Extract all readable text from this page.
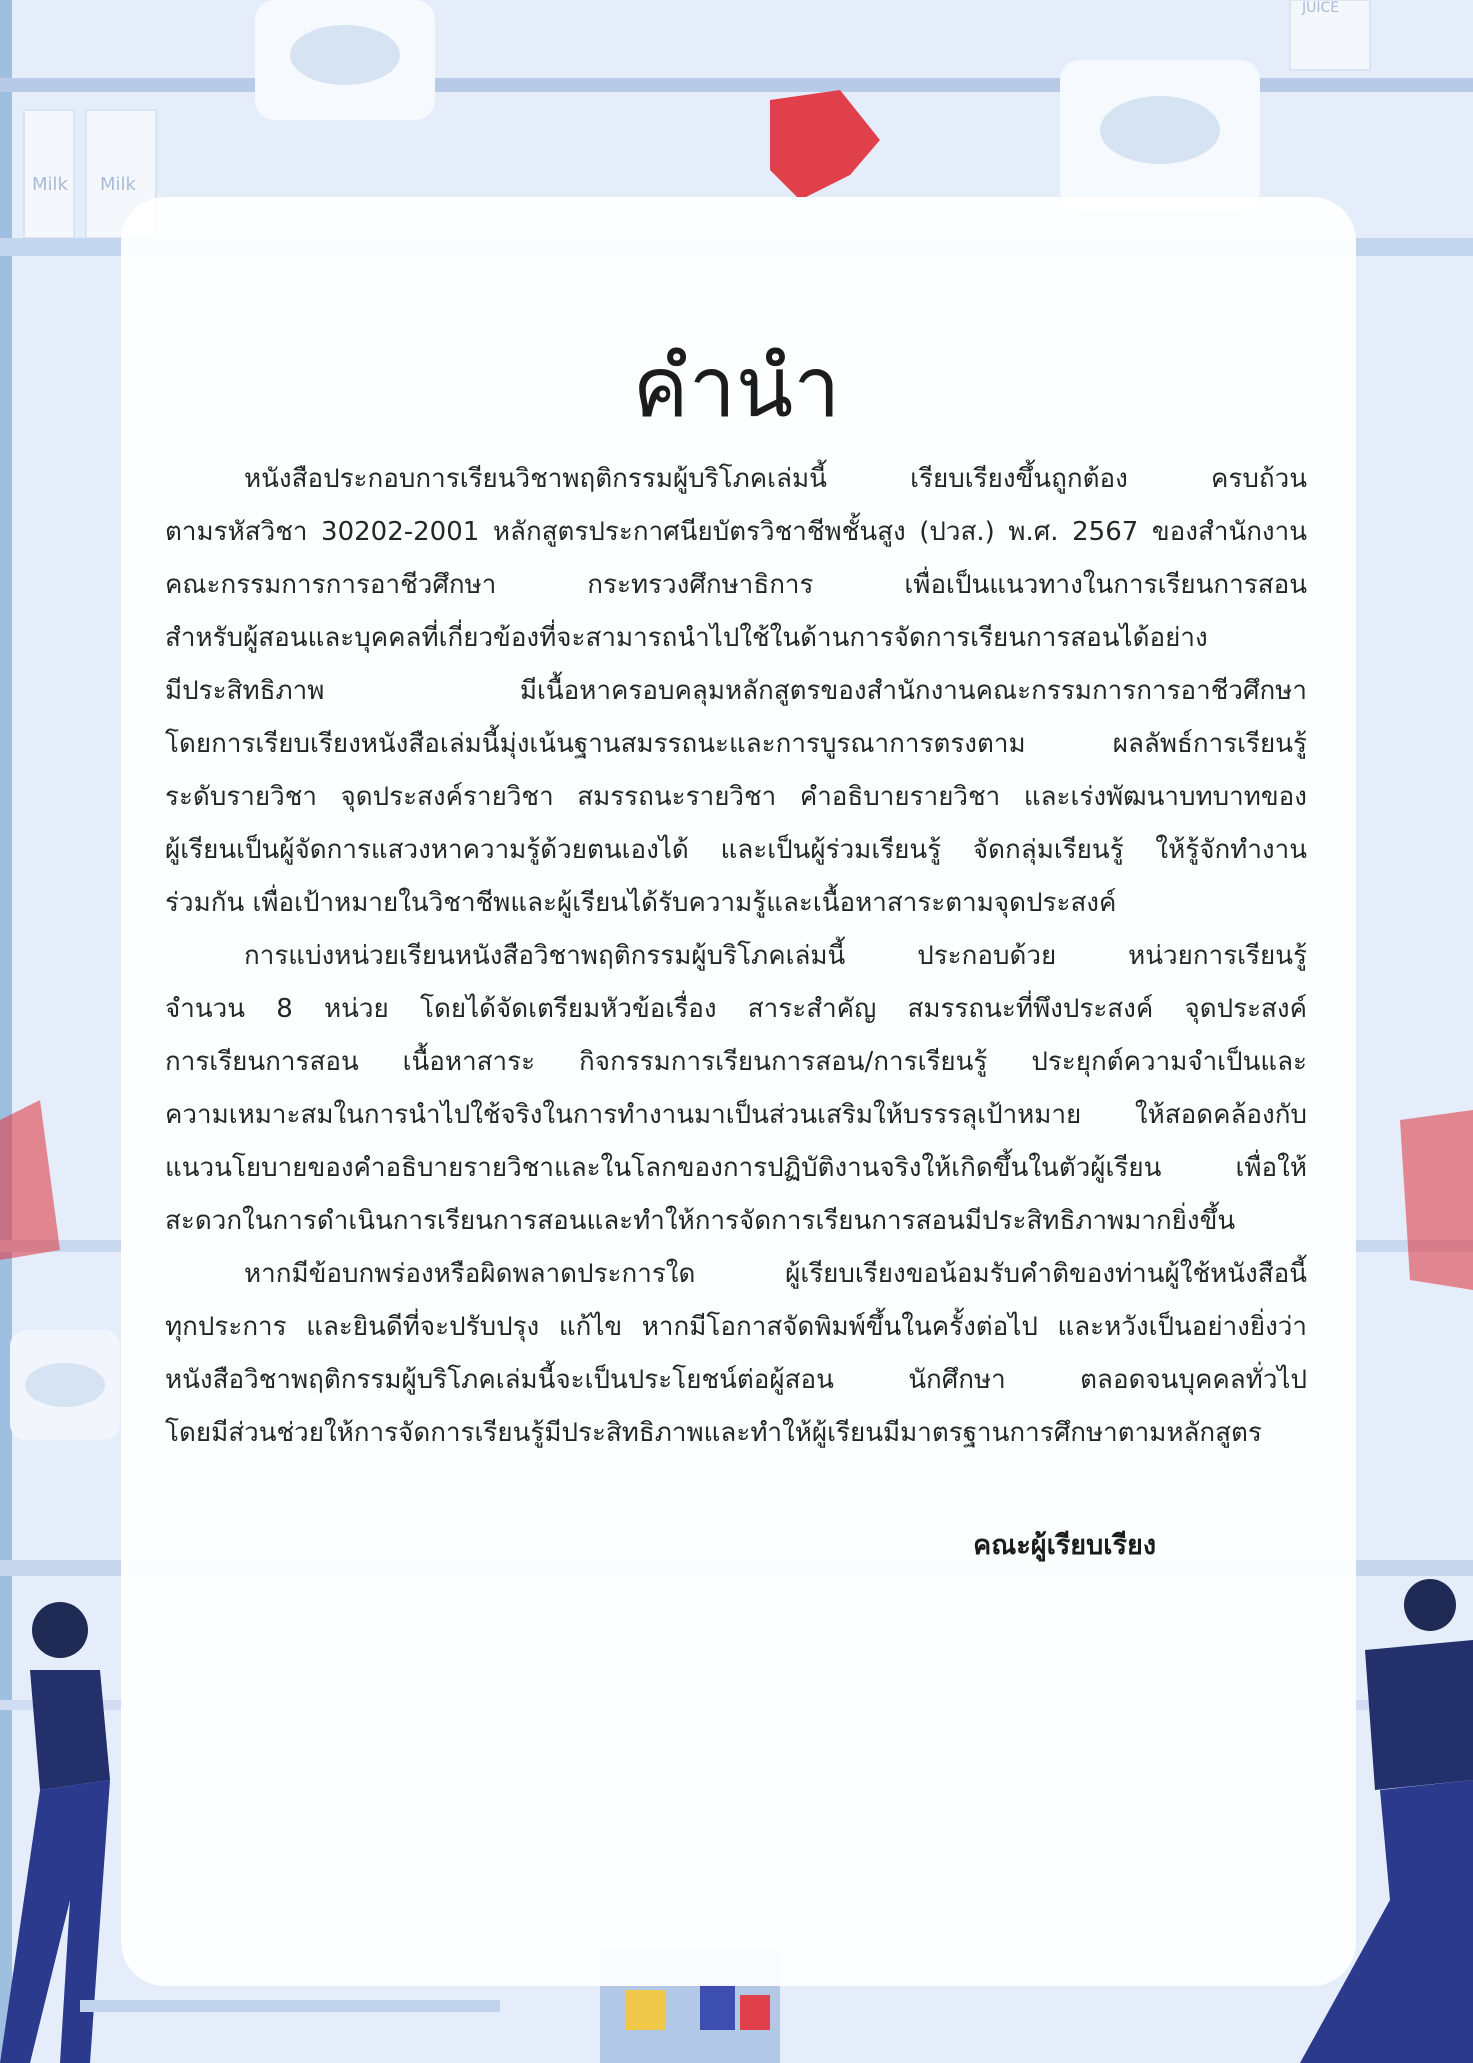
Milk Milk
JUICE
คำนำ

หนังสือประกอบการเรียนวิชาพฤติกรรมผู้บริโภคเล่มนี้ เรียบเรียงขึ้นถูกต้อง ครบถ้วน
ตามรหัสวิชา 30202-2001 หลักสูตรประกาศนียบัตรวิชาชีพชั้นสูง (ปวส.) พ.ศ. 2567 ของสำนักงาน
คณะกรรมการการอาชีวศึกษา กระทรวงศึกษาธิการ เพื่อเป็นแนวทางในการเรียนการสอน
สำหรับผู้สอนและบุคคลที่เกี่ยวข้องที่จะสามารถนำไปใช้ในด้านการจัดการเรียนการสอนได้อย่าง
มีประสิทธิภาพ มีเนื้อหาครอบคลุมหลักสูตรของสำนักงานคณะกรรมการการอาชีวศึกษา
โดยการเรียบเรียงหนังสือเล่มนี้มุ่งเน้นฐานสมรรถนะและการบูรณาการตรงตาม ผลลัพธ์การเรียนรู้
ระดับรายวิชา จุดประสงค์รายวิชา สมรรถนะรายวิชา คำอธิบายรายวิชา และเร่งพัฒนาบทบาทของ
ผู้เรียนเป็นผู้จัดการแสวงหาความรู้ด้วยตนเองได้ และเป็นผู้ร่วมเรียนรู้ จัดกลุ่มเรียนรู้ ให้รู้จักทำงาน
ร่วมกัน เพื่อเป้าหมายในวิชาชีพและผู้เรียนได้รับความรู้และเนื้อหาสาระตามจุดประสงค์

การแบ่งหน่วยเรียนหนังสือวิชาพฤติกรรมผู้บริโภคเล่มนี้ ประกอบด้วย หน่วยการเรียนรู้
จำนวน 8 หน่วย โดยได้จัดเตรียมหัวข้อเรื่อง สาระสำคัญ สมรรถนะที่พึงประสงค์ จุดประสงค์
การเรียนการสอน เนื้อหาสาระ กิจกรรมการเรียนการสอน/การเรียนรู้ ประยุกต์ความจำเป็นและ
ความเหมาะสมในการนำไปใช้จริงในการทำงานมาเป็นส่วนเสริมให้บรรรลุเป้าหมาย ให้สอดคล้องกับ
แนวนโยบายของคำอธิบายรายวิชาและในโลกของการปฏิบัติงานจริงให้เกิดขึ้นในตัวผู้เรียน เพื่อให้
สะดวกในการดำเนินการเรียนการสอนและทำให้การจัดการเรียนการสอนมีประสิทธิภาพมากยิ่งขึ้น

หากมีข้อบกพร่องหรือผิดพลาดประการใด ผู้เรียบเรียงขอน้อมรับคำติของท่านผู้ใช้หนังสือนี้
ทุกประการ และยินดีที่จะปรับปรุง แก้ไข หากมีโอกาสจัดพิมพ์ขึ้นในครั้งต่อไป และหวังเป็นอย่างยิ่งว่า
หนังสือวิชาพฤติกรรมผู้บริโภคเล่มนี้จะเป็นประโยชน์ต่อผู้สอน นักศึกษา ตลอดจนบุคคลทั่วไป
โดยมีส่วนช่วยให้การจัดการเรียนรู้มีประสิทธิภาพและทำให้ผู้เรียนมีมาตรฐานการศึกษาตามหลักสูตร

คณะผู้เรียบเรียง
